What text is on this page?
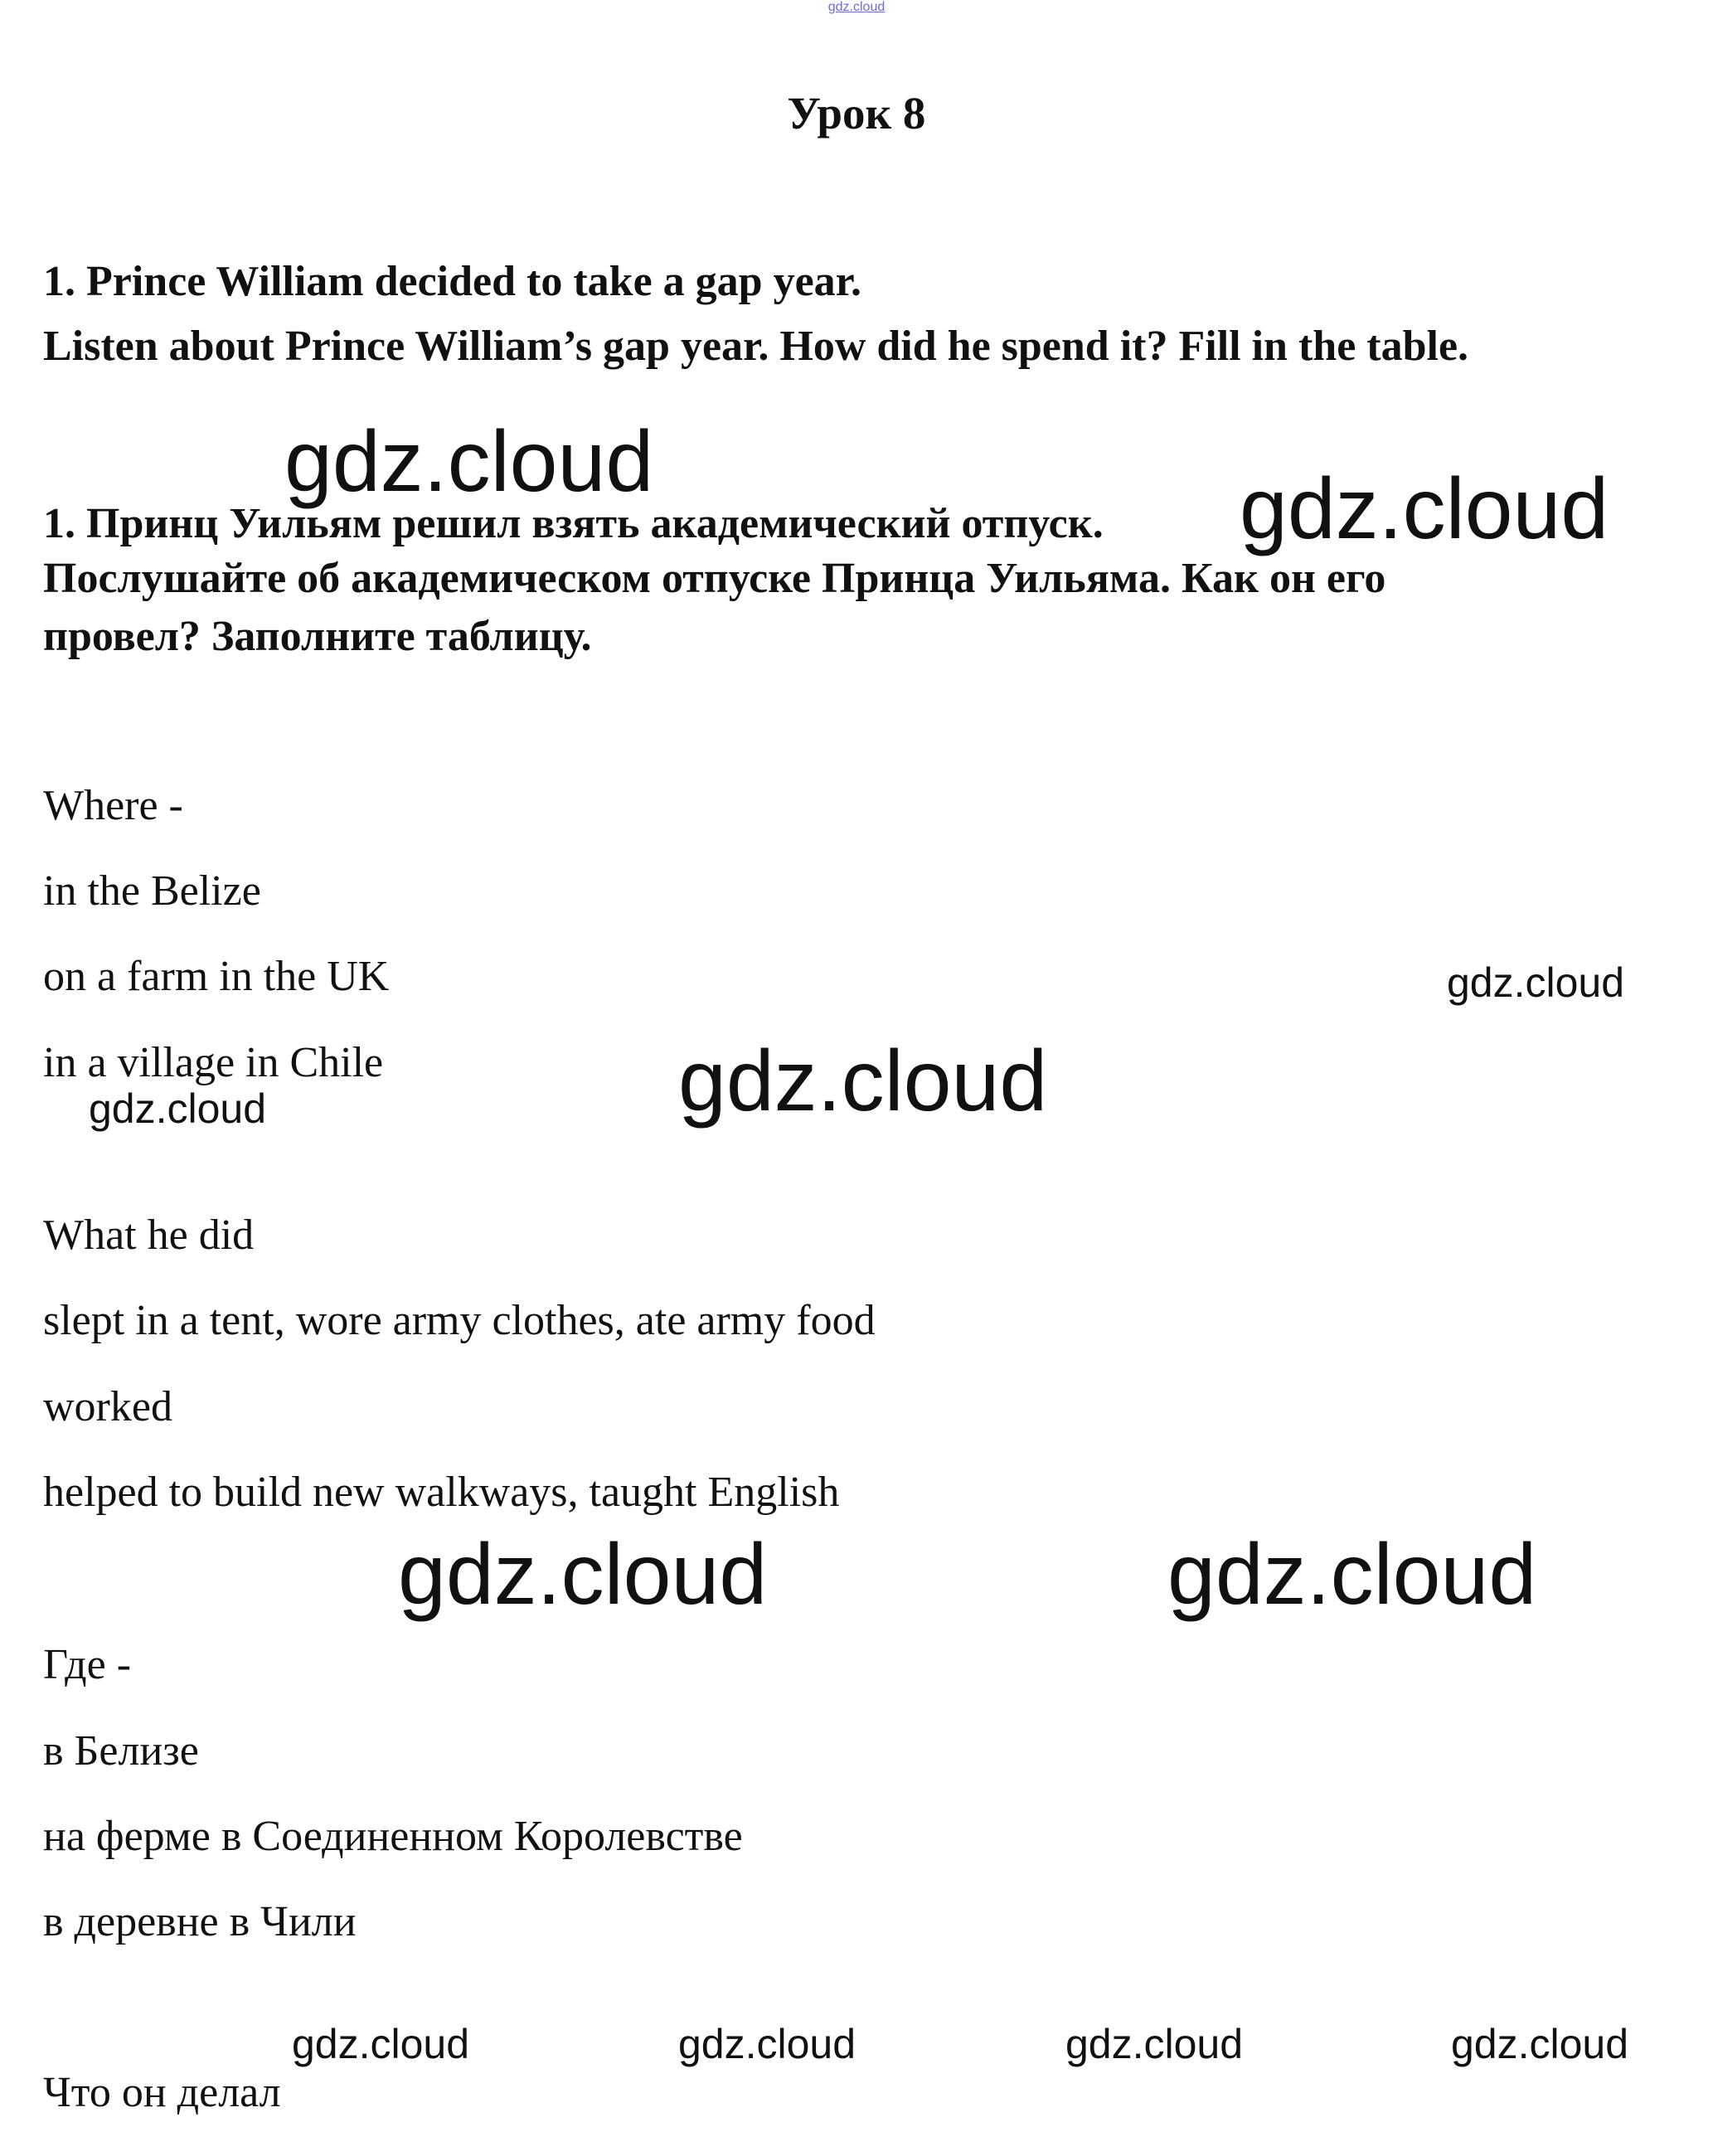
gdz.cloud
Урок 8
1. Prince William decided to take a gap year.
Listen about Prince William’s gap year. How did he spend it? Fill in the table.
1. Принц Уильям решил взять академический отпуск.
Послушайте об академическом отпуске Принца Уильяма. Как он его
провел? Заполните таблицу.
Where -
in the Belize
on a farm in the UK
in a village in Chile
What he did
slept in a tent, wore army clothes, ate army food
worked
helped to build new walkways, taught English
Где -
в Белизе
на ферме в Соединенном Королевстве
в деревне в Чили
Что он делал
gdz.cloud	gdz.cloud
gdz.cloud
gdz.cloud
gdz.cloud
gdz.cloud	gdz.cloud
gdz.cloud	gdz.cloud	gdz.cloud	gdz.cloud
